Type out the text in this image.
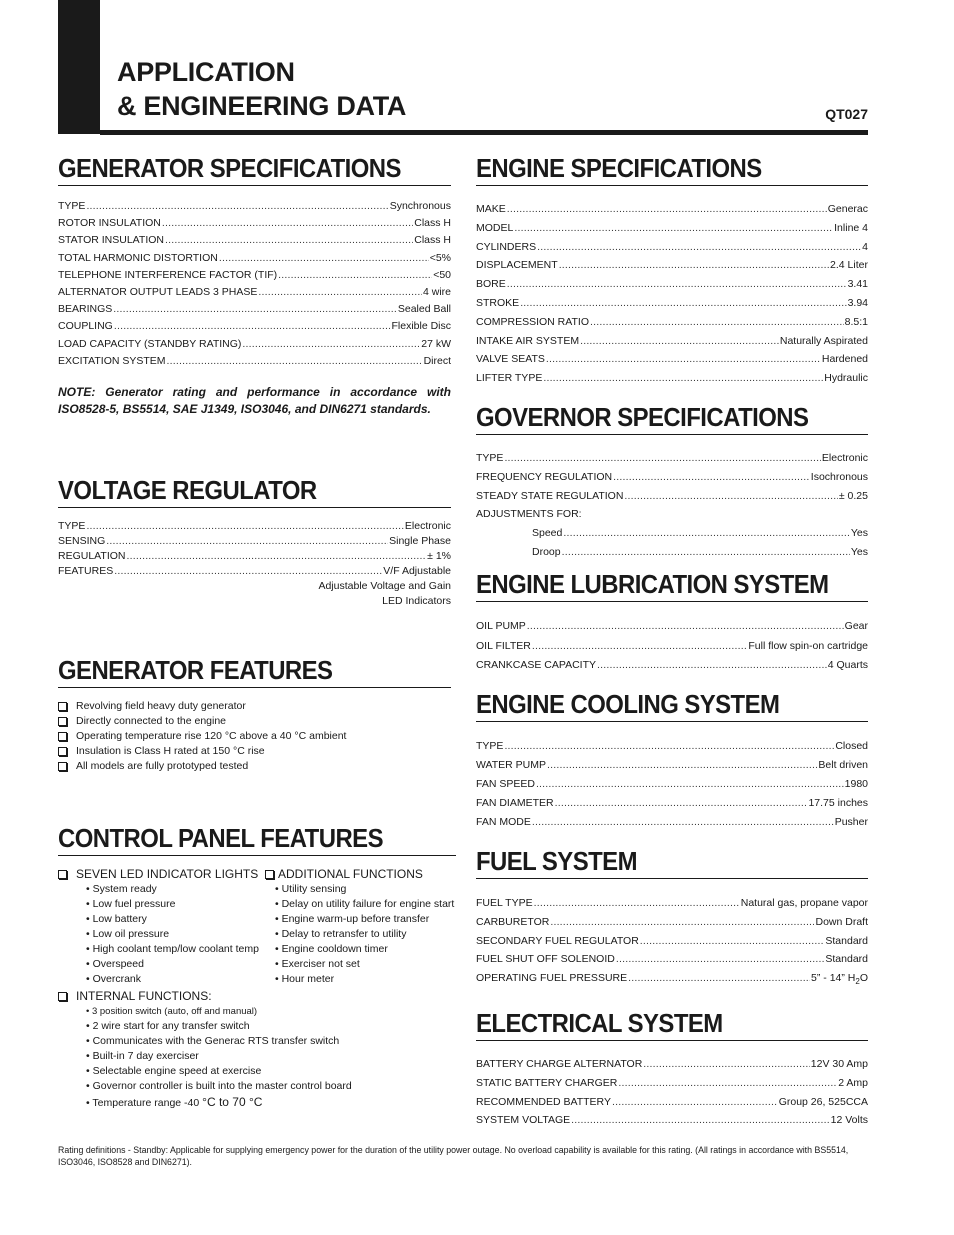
APPLICATION
& ENGINEERING DATA	QT027
GENERATOR SPECIFICATIONS
TYPE .....	Synchronous
ROTOR INSULATION .....	Class H
STATOR INSULATION .....	Class H
TOTAL HARMONIC DISTORTION .....	<5%
TELEPHONE INTERFERENCE FACTOR (TIF) .....	<50
ALTERNATOR OUTPUT LEADS 3 PHASE .....	4 wire
BEARINGS .....	Sealed Ball
COUPLING .....	Flexible Disc
LOAD CAPACITY (STANDBY RATING) .....	27 kW
EXCITATION SYSTEM .....	Direct
NOTE: Generator rating and performance in accordance with ISO8528-5, BS5514, SAE J1349, ISO3046, and DIN6271 standards.
VOLTAGE REGULATOR
TYPE .....	Electronic
SENSING .....	Single Phase
REGULATION .....	± 1%
FEATURES .....	V/F Adjustable
Adjustable Voltage and Gain
LED Indicators
GENERATOR FEATURES
Revolving field heavy duty generator
Directly connected to the engine
Operating temperature rise 120 °C above a 40 °C ambient
Insulation is Class H rated at 150 °C rise
All models are fully prototyped tested
CONTROL PANEL FEATURES
SEVEN LED INDICATOR LIGHTS
• System ready
• Low fuel pressure
• Low battery
• Low oil pressure
• High coolant temp/low coolant temp
• Overspeed
• Overcrank
ADDITIONAL FUNCTIONS
• Utility sensing
• Delay on utility failure for engine start
• Engine warm-up before transfer
• Delay to retransfer to utility
• Engine cooldown timer
• Exerciser not set
• Hour meter
INTERNAL FUNCTIONS:
• 3 position switch (auto, off and manual)
• 2 wire start for any transfer switch
• Communicates with the Generac RTS transfer switch
• Built-in 7 day exerciser
• Selectable engine speed at exercise
• Governor controller is built into the master control board
• Temperature range -40 °C to 70 °C
ENGINE SPECIFICATIONS
MAKE .....	Generac
MODEL .....	Inline 4
CYLINDERS .....	4
DISPLACEMENT .....	2.4 Liter
BORE .....	3.41
STROKE .....	3.94
COMPRESSION RATIO .....	8.5:1
INTAKE AIR SYSTEM .....	Naturally Aspirated
VALVE SEATS .....	Hardened
LIFTER TYPE .....	Hydraulic
GOVERNOR SPECIFICATIONS
TYPE .....	Electronic
FREQUENCY REGULATION .....	Isochronous
STEADY STATE REGULATION .....	± 0.25
ADJUSTMENTS FOR:
Speed .....	Yes
Droop .....	Yes
ENGINE LUBRICATION SYSTEM
OIL PUMP .....	Gear
OIL FILTER .....	Full flow spin-on cartridge
CRANKCASE CAPACITY .....	4 Quarts
ENGINE COOLING SYSTEM
TYPE .....	Closed
WATER PUMP .....	Belt driven
FAN SPEED .....	1980
FAN DIAMETER .....	17.75 inches
FAN MODE .....	Pusher
FUEL SYSTEM
FUEL TYPE .....	Natural gas, propane vapor
CARBURETOR .....	Down Draft
SECONDARY FUEL REGULATOR .....	Standard
FUEL SHUT OFF SOLENOID .....	Standard
OPERATING FUEL PRESSURE .....	5” - 14” $H_2O$
ELECTRICAL SYSTEM
BATTERY CHARGE ALTERNATOR .....	12V 30 Amp
STATIC BATTERY CHARGER .....	2 Amp
RECOMMENDED BATTERY .....	Group 26, 525CCA
SYSTEM VOLTAGE .....	12 Volts
Rating definitions - Standby: Applicable for supplying emergency power for the duration of the utility power outage. No overload capability is available for this rating. (All ratings in accordance with BS5514, ISO3046, ISO8528 and DIN6271).
